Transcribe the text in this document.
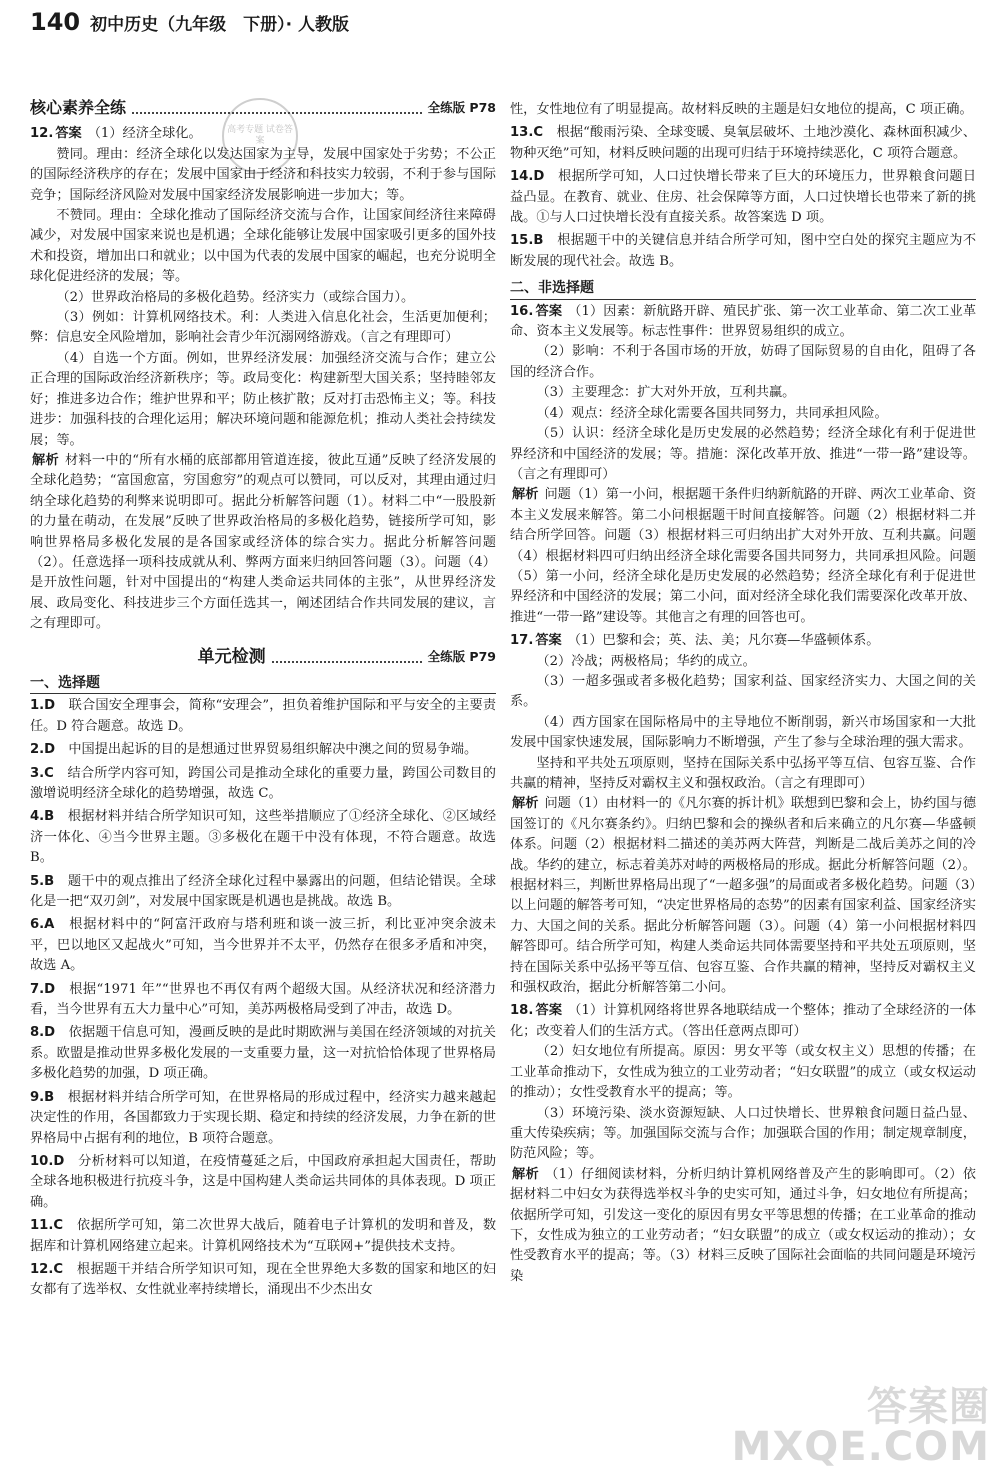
140 初中历史（九年级　下册）· 人教版
高考专题 试卷答案
核心素养全练	全练版 P78
12. 答案 （1）经济全球化。

赞同。理由：经济全球化以发达国家为主导，发展中国家处于劣势；不公正的国际经济秩序的存在；发展中国家由于经济和科技实力较弱，不利于参与国际竞争；国际经济风险对发展中国家经济发展影响进一步加大；等。

不赞同。理由：全球化推动了国际经济交流与合作，让国家间经济往来障碍减少，对发展中国家来说也是机遇；全球化能够让发展中国家吸引更多的国外技术和投资，增加出口和就业；以中国为代表的发展中国家的崛起，也充分说明全球化促进经济的发展；等。

（2）世界政治格局的多极化趋势。经济实力（或综合国力）。

（3）例如：计算机网络技术。利：人类进入信息化社会，生活更加便利；弊：信息安全风险增加，影响社会青少年沉溺网络游戏。（言之有理即可）

（4）自选一个方面。例如，世界经济发展：加强经济交流与合作；建立公正合理的国际政治经济新秩序；等。政局变化：构建新型大国关系；坚持睦邻友好；推进多边合作；维护世界和平；防止核扩散；反对打击恐怖主义；等。科技进步：加强科技的合理化运用；解决环境问题和能源危机；推动人类社会持续发展；等。

解析 材料一中的“所有水桶的底部都用管道连接，彼此互通”反映了经济发展的全球化趋势；“富国愈富，穷国愈穷”的观点可以赞同，可以反对，其理由通过归纳全球化趋势的利弊来说明即可。据此分析解答问题（1）。材料二中“一股股新的力量在萌动，在发展”反映了世界政治格局的多极化趋势，链接所学可知，影响世界格局多极化发展的是各国家或经济体的综合实力。据此分析解答问题（2）。任意选择一项科技成就从利、弊两方面来归纳回答问题（3）。问题（4）是开放性问题，针对中国提出的“构建人类命运共同体的主张”，从世界经济发展、政局变化、科技进步三个方面任选其一，阐述团结合作共同发展的建议，言之有理即可。
单元检测	全练版 P79
一、选择题
1.D　 联合国安全理事会，简称“安理会”，担负着维护国际和平与安全的主要责任。D 符合题意。故选 D。
2.D　 中国提出起诉的目的是想通过世界贸易组织解决中澳之间的贸易争端。
3.C　 结合所学内容可知，跨国公司是推动全球化的重要力量，跨国公司数目的激增说明经济全球化的趋势增强，故选 C。
4.B　 根据材料并结合所学知识可知，这些举措顺应了①经济全球化、②区域经济一体化、④当今世界主题。③多极化在题干中没有体现，不符合题意。故选 B。
5.B　 题干中的观点推出了经济全球化过程中暴露出的问题，但结论错误。全球化是一把“双刃剑”，对发展中国家既是机遇也是挑战。故选 B。
6.A　 根据材料中的“阿富汗政府与塔利班和谈一波三折，利比亚冲突余波未平，巴以地区又起战火”可知，当今世界并不太平，仍然存在很多矛盾和冲突，故选 A。
7.D　 根据“1971 年”“世界也不再仅有两个超级大国。从经济状况和经济潜力看，当今世界有五大力量中心”可知，美苏两极格局受到了冲击，故选 D。
8.D　 依据题干信息可知，漫画反映的是此时期欧洲与美国在经济领域的对抗关系。欧盟是推动世界多极化发展的一支重要力量，这一对抗恰恰体现了世界格局多极化趋势的加强，D 项正确。
9.B　 根据材料并结合所学可知，在世界格局的形成过程中，经济实力越来越起决定性的作用，各国都致力于实现长期、稳定和持续的经济发展，力争在新的世界格局中占据有利的地位，B 项符合题意。
10.D　 分析材料可以知道，在疫情蔓延之后，中国政府承担起大国责任，帮助全球各地积极进行抗疫斗争，这是中国构建人类命运共同体的具体表现。D 项正确。
11.C　 依据所学可知，第二次世界大战后，随着电子计算机的发明和普及，数据库和计算机网络建立起来。计算机网络技术为“互联网+”提供技术支持。
12.C　 根据题干并结合所学知识可知，现在全世界绝大多数的国家和地区的妇女都有了选举权、女性就业率持续增长，涌现出不少杰出女
性，女性地位有了明显提高。故材料反映的主题是妇女地位的提高，C 项正确。
13.C　 根据“酸雨污染、全球变暖、臭氧层破坏、土地沙漠化、森林面积减少、物种灭绝”可知，材料反映问题的出现可归结于环境持续恶化，C 项符合题意。
14.D　 根据所学可知，人口过快增长带来了巨大的环境压力，世界粮食问题日益凸显。在教育、就业、住房、社会保障等方面，人口过快增长也带来了新的挑战。①与人口过快增长没有直接关系。故答案选 D 项。
15.B　 根据题干中的关键信息并结合所学可知，图中空白处的探究主题应为不断发展的现代社会。故选 B。
二、非选择题
16. 答案 （1）因素：新航路开辟、殖民扩张、第一次工业革命、第二次工业革命、资本主义发展等。标志性事件：世界贸易组织的成立。

（2）影响：不利于各国市场的开放，妨碍了国际贸易的自由化，阻碍了各国的经济合作。

（3）主要理念：扩大对外开放，互利共赢。

（4）观点：经济全球化需要各国共同努力，共同承担风险。

（5）认识：经济全球化是历史发展的必然趋势；经济全球化有利于促进世界经济和中国经济的发展；等。措施：深化改革开放、推进“一带一路”建设等。（言之有理即可）

解析 问题（1）第一小问，根据题干条件归纳新航路的开辟、两次工业革命、资本主义发展来解答。第二小问根据题干时间直接解答。问题（2）根据材料二并结合所学回答。问题（3）根据材料三可归纳出扩大对外开放、互利共赢。问题（4）根据材料四可归纳出经济全球化需要各国共同努力，共同承担风险。问题（5）第一小问，经济全球化是历史发展的必然趋势；经济全球化有利于促进世界经济和中国经济的发展；第二小问，面对经济全球化我们需要深化改革开放、推进“一带一路”建设等。其他言之有理的回答也可。
17. 答案 （1）巴黎和会；英、法、美；凡尔赛—华盛顿体系。

（2）冷战；两极格局；华约的成立。

（3）一超多强或者多极化趋势；国家利益、国家经济实力、大国之间的关系。

（4）西方国家在国际格局中的主导地位不断削弱，新兴市场国家和一大批发展中国家快速发展，国际影响力不断增强，产生了参与全球治理的强大需求。

坚持和平共处五项原则，坚持在国际关系中弘扬平等互信、包容互鉴、合作共赢的精神，坚持反对霸权主义和强权政治。（言之有理即可）

解析 问题（1）由材料一的《凡尔赛的拆计机》联想到巴黎和会上，协约国与德国签订的《凡尔赛条约》。归纳巴黎和会的操纵者和后来确立的凡尔赛—华盛顿体系。问题（2）根据材料二描述的美苏两大阵营，判断是二战后美苏之间的冷战。华约的建立，标志着美苏对峙的两极格局的形成。据此分析解答问题（2）。根据材料三，判断世界格局出现了“一超多强”的局面或者多极化趋势。问题（3）以上问题的解答考可知，“决定世界格局的态势”的因素有国家利益、国家经济实力、大国之间的关系。据此分析解答问题（3）。问题（4）第一小问根据材料四解答即可。结合所学可知，构建人类命运共同体需要坚持和平共处五项原则，坚持在国际关系中弘扬平等互信、包容互鉴、合作共赢的精神，坚持反对霸权主义和强权政治，据此分析解答第二小问。
18. 答案 （1）计算机网络将世界各地联结成一个整体；推动了全球经济的一体化；改变着人们的生活方式。（答出任意两点即可）

（2）妇女地位有所提高。原因：男女平等（或女权主义）思想的传播；在工业革命推动下，女性成为独立的工业劳动者；“妇女联盟”的成立（或女权运动的推动）；女性受教育水平的提高；等。

（3）环境污染、淡水资源短缺、人口过快增长、世界粮食问题日益凸显、重大传染疾病；等。加强国际交流与合作；加强联合国的作用；制定规章制度，防范风险；等。

解析 （1）仔细阅读材料，分析归纳计算机网络普及产生的影响即可。（2）依据材料二中妇女为获得选举权斗争的史实可知，通过斗争，妇女地位有所提高；依据所学可知，引发这一变化的原因有男女平等思想的传播；在工业革命的推动下，女性成为独立的工业劳动者；“妇女联盟”的成立（或女权运动的推动）；女性受教育水平的提高；等。（3）材料三反映了国际社会面临的共同问题是环境污染
答案圈
MXQE.COM
